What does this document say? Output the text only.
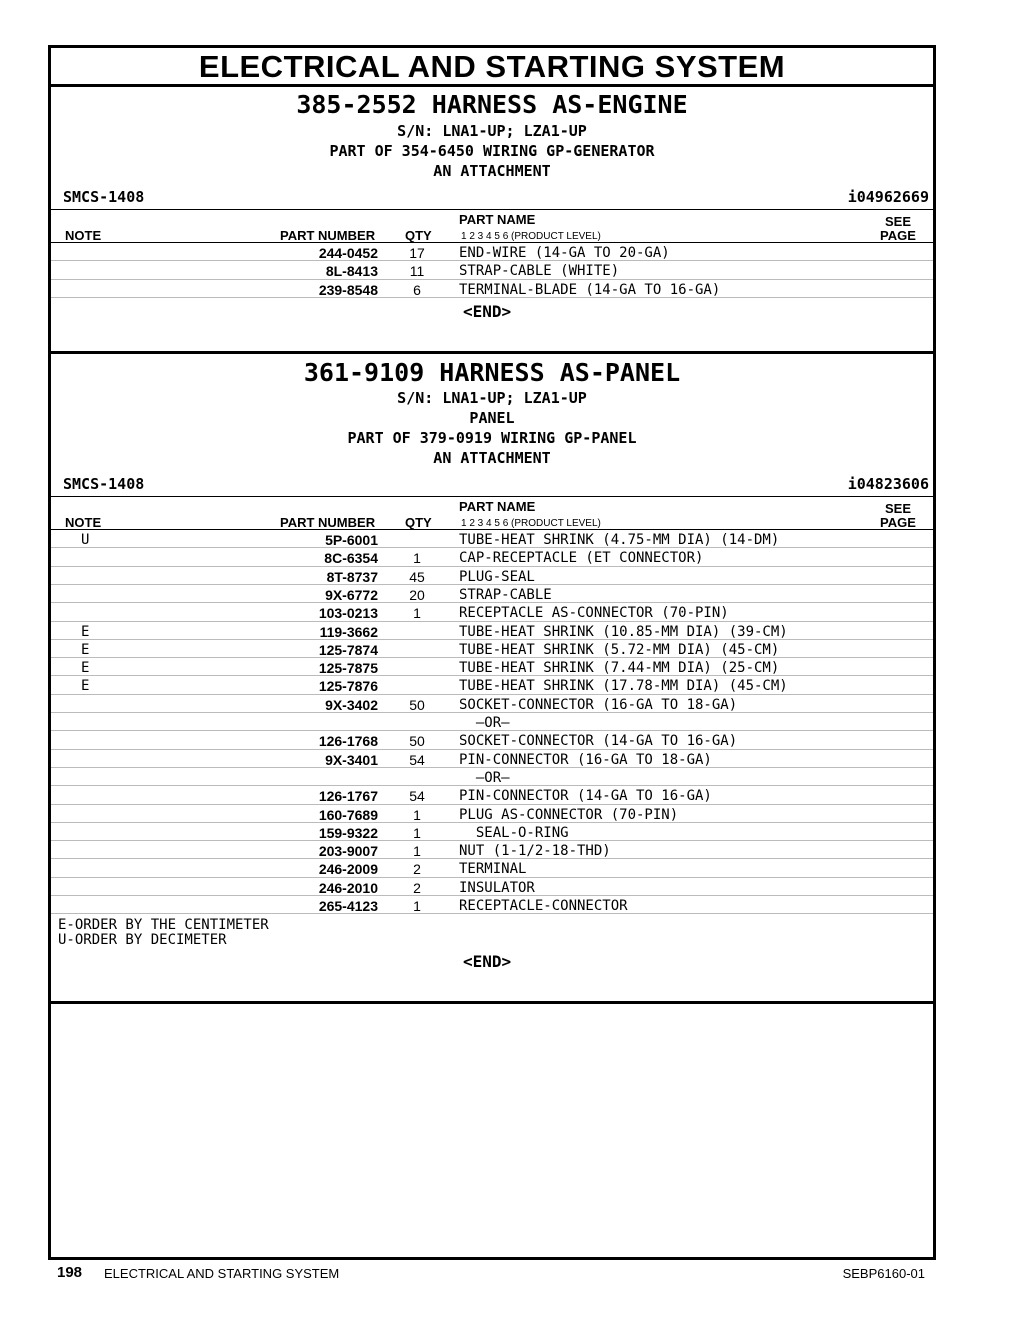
ELECTRICAL AND STARTING SYSTEM
385-2552 HARNESS AS-ENGINE
S/N: LNA1-UP; LZA1-UP
PART OF 354-6450 WIRING GP-GENERATOR
AN ATTACHMENT
SMCS-1408	i04962669
PART NAME	SEE
NOTE	PART NUMBER QTY	1 2 3 4 5 6 (PRODUCT LEVEL)	PAGE
244-0452 17 END-WIRE (14-GA TO 20-GA)
8L-8413 11 STRAP-CABLE (WHITE)
239-8548	6	TERMINAL-BLADE (14-GA TO 16-GA)
<END>
361-9109 HARNESS AS-PANEL
S/N: LNA1-UP; LZA1-UP
PANEL
PART OF 379-0919 WIRING GP-PANEL
AN ATTACHMENT
SMCS-1408	i04823606
PART NAME	SEE
NOTE	PART NUMBER QTY	1 2 3 4 5 6 (PRODUCT LEVEL)	PAGE
U	5P-6001	TUBE-HEAT SHRINK (4.75-MM DIA) (14-DM)
8C-6354	1	CAP-RECEPTACLE (ET CONNECTOR)
8T-8737 45 PLUG-SEAL
9X-6772 20 STRAP-CABLE
103-0213	1	RECEPTACLE AS-CONNECTOR (70-PIN)
E	119-3662	TUBE-HEAT SHRINK (10.85-MM DIA) (39-CM)
E	125-7874	TUBE-HEAT SHRINK (5.72-MM DIA) (45-CM)
E	125-7875	TUBE-HEAT SHRINK (7.44-MM DIA) (25-CM)
E	125-7876	TUBE-HEAT SHRINK (17.78-MM DIA) (45-CM)
9X-3402 50 SOCKET-CONNECTOR (16-GA TO 18-GA)
—OR—
126-1768 50 SOCKET-CONNECTOR (14-GA TO 16-GA)
9X-3401 54 PIN-CONNECTOR (16-GA TO 18-GA)
—OR—
126-1767 54 PIN-CONNECTOR (14-GA TO 16-GA)
160-7689	1	PLUG AS-CONNECTOR (70-PIN)
159-9322	1	SEAL-O-RING
203-9007	1	NUT (1-1/2-18-THD)
246-2009	2	TERMINAL
246-2010	2	INSULATOR
265-4123	1	RECEPTACLE-CONNECTOR
E-ORDER BY THE CENTIMETER
U-ORDER BY DECIMETER
<END>
198 ELECTRICAL AND STARTING SYSTEM	SEBP6160-01
